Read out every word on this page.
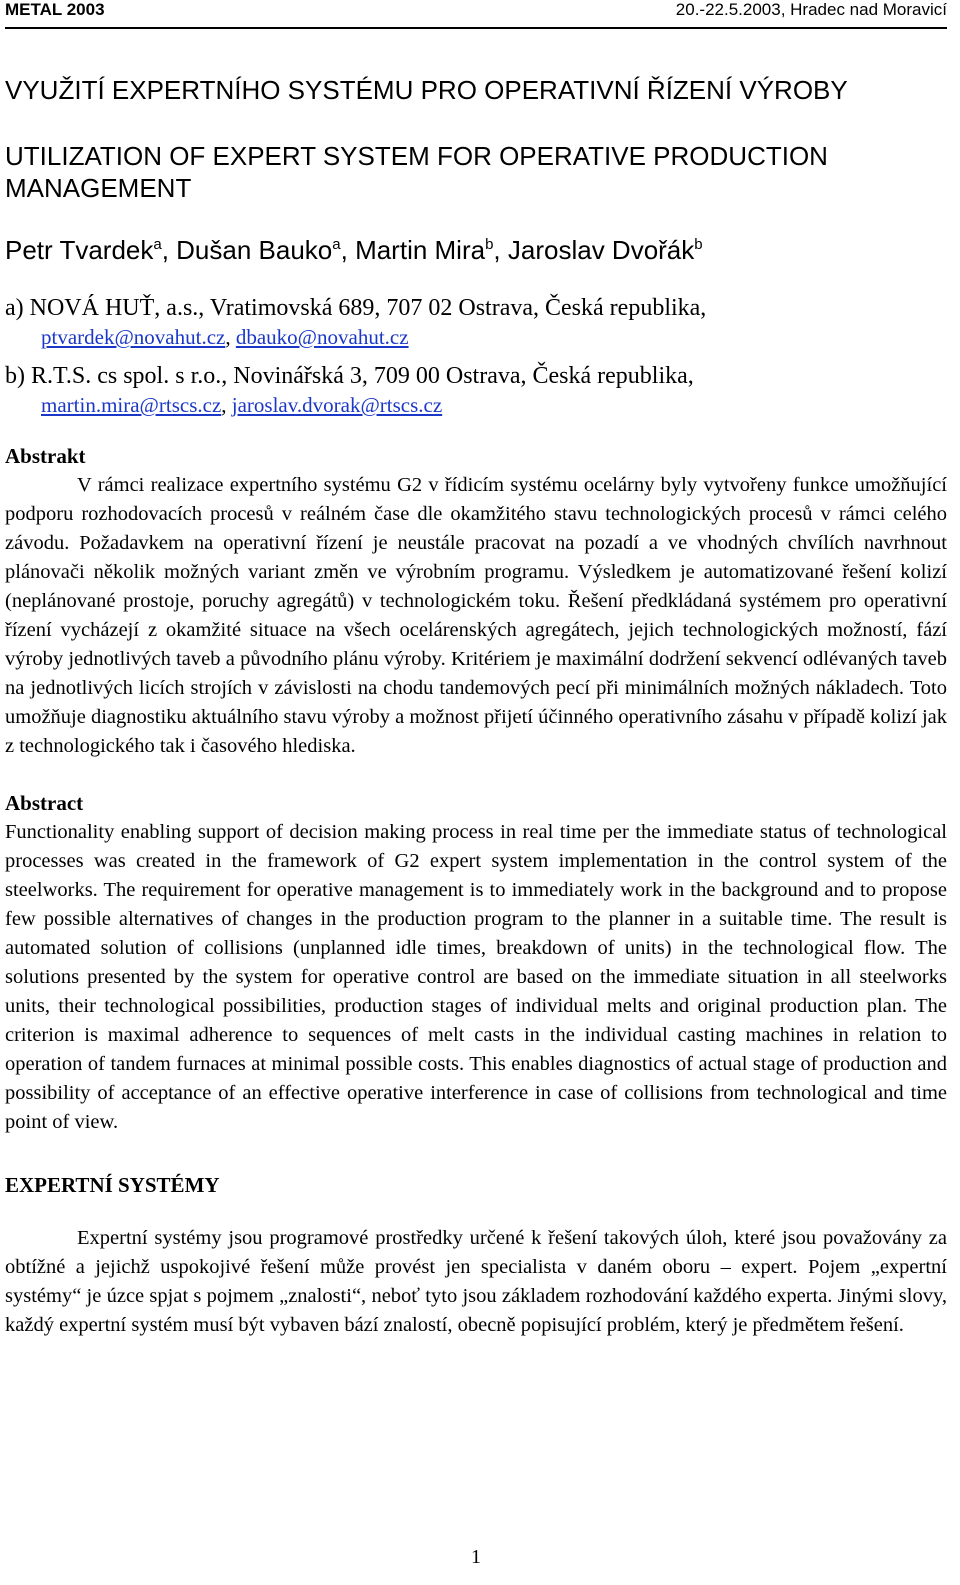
METAL 2003	20.-22.5.2003, Hradec nad Moravicí
VYUŽITÍ EXPERTNÍHO SYSTÉMU PRO OPERATIVNÍ ŘÍZENÍ VÝROBY
UTILIZATION OF EXPERT SYSTEM FOR OPERATIVE PRODUCTION MANAGEMENT
Petr Tvardek$^a$, Dušan Bauko$^a$, Martin Mira$^b$, Jaroslav Dvořák$^b$
a) NOVÁ HUŤ, a.s., Vratimovská 689, 707 02 Ostrava, Česká republika,
ptvardek@novahut.cz, dbauko@novahut.cz
b) R.T.S. cs spol. s r.o., Novinářská 3, 709 00 Ostrava, Česká republika,
martin.mira@rtscs.cz, jaroslav.dvorak@rtscs.cz
Abstrakt

V rámci realizace expertního systému G2 v řídicím systému ocelárny byly vytvořeny funkce umožňující podporu rozhodovacích procesů v reálném čase dle okamžitého stavu technologických procesů v rámci celého závodu. Požadavkem na operativní řízení je neustále pracovat na pozadí a ve vhodných chvílích navrhnout plánovači několik možných variant změn ve výrobním programu. Výsledkem je automatizované řešení kolizí (neplánované prostoje, poruchy agregátů) v technologickém toku. Řešení předkládaná systémem pro operativní řízení vycházejí z okamžité situace na všech ocelárenských agregátech, jejich technologických možností, fází výroby jednotlivých taveb a původního plánu výroby. Kritériem je maximální dodržení sekvencí odlévaných taveb na jednotlivých licích strojích v závislosti na chodu tandemových pecí při minimálních možných nákladech. Toto umožňuje diagnostiku aktuálního stavu výroby a možnost přijetí účinného operativního zásahu v případě kolizí jak z technologického tak i časového hlediska.

Abstract

Functionality enabling support of decision making process in real time per the immediate status of technological processes was created in the framework of G2 expert system implementation in the control system of the steelworks. The requirement for operative management is to immediately work in the background and to propose few possible alternatives of changes in the production program to the planner in a suitable time. The result is automated solution of collisions (unplanned idle times, breakdown of units) in the technological flow. The solutions presented by the system for operative control are based on the immediate situation in all steelworks units, their technological possibilities, production stages of individual melts and original production plan. The criterion is maximal adherence to sequences of melt casts in the individual casting machines in relation to operation of tandem furnaces at minimal possible costs. This enables diagnostics of actual stage of production and possibility of acceptance of an effective operative interference in case of collisions from technological and time point of view.

EXPERTNÍ SYSTÉMY

Expertní systémy jsou programové prostředky určené k řešení takových úloh, které jsou považovány za obtížné a jejichž uspokojivé řešení může provést jen specialista v daném oboru – expert. Pojem „expertní systémy“ je úzce spjat s pojmem „znalosti“, neboť tyto jsou základem rozhodování každého experta. Jinými slovy, každý expertní systém musí být vybaven bází znalostí, obecně popisující problém, který je předmětem řešení.

1
